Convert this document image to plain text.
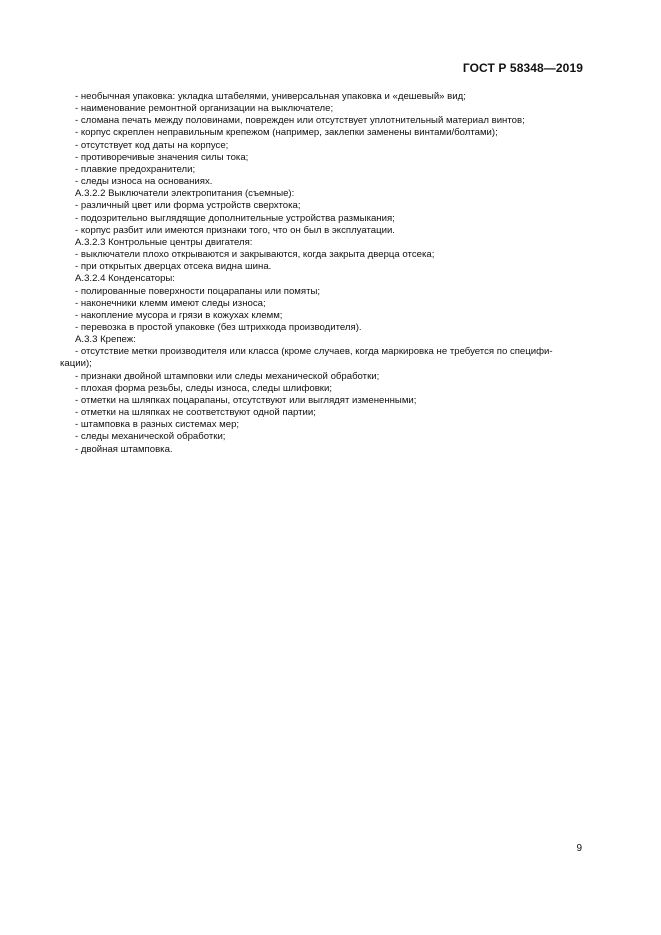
ГОСТ Р 58348—2019
- необычная упаковка: укладка штабелями, универсальная упаковка и «дешевый» вид;
- наименование ремонтной организации на выключателе;
- сломана печать между половинами, поврежден или отсутствует уплотнительный материал винтов;
- корпус скреплен неправильным крепежом (например, заклепки заменены винтами/болтами);
- отсутствует код даты на корпусе;
- противоречивые значения силы тока;
- плавкие предохранители;
- следы износа на основаниях.
А.3.2.2 Выключатели электропитания (съемные):
- различный цвет или форма устройств сверхтока;
- подозрительно выглядящие дополнительные устройства размыкания;
- корпус разбит или имеются признаки того, что он был в эксплуатации.
А.3.2.3 Контрольные центры двигателя:
- выключатели плохо открываются и закрываются, когда закрыта дверца отсека;
- при открытых дверцах отсека видна шина.
А.3.2.4 Конденсаторы:
- полированные поверхности поцарапаны или помяты;
- наконечники клемм имеют следы износа;
- накопление мусора и грязи в кожухах клемм;
- перевозка в простой упаковке (без штрихкода производителя).
А.3.3 Крепеж:
- отсутствие метки производителя или класса (кроме случаев, когда маркировка не требуется по специфи-
кации);
- признаки двойной штамповки или следы механической обработки;
- плохая форма резьбы, следы износа, следы шлифовки;
- отметки на шляпках поцарапаны, отсутствуют или выглядят измененными;
- отметки на шляпках не соответствуют одной партии;
- штамповка в разных системах мер;
- следы механической обработки;
- двойная штамповка.
9
